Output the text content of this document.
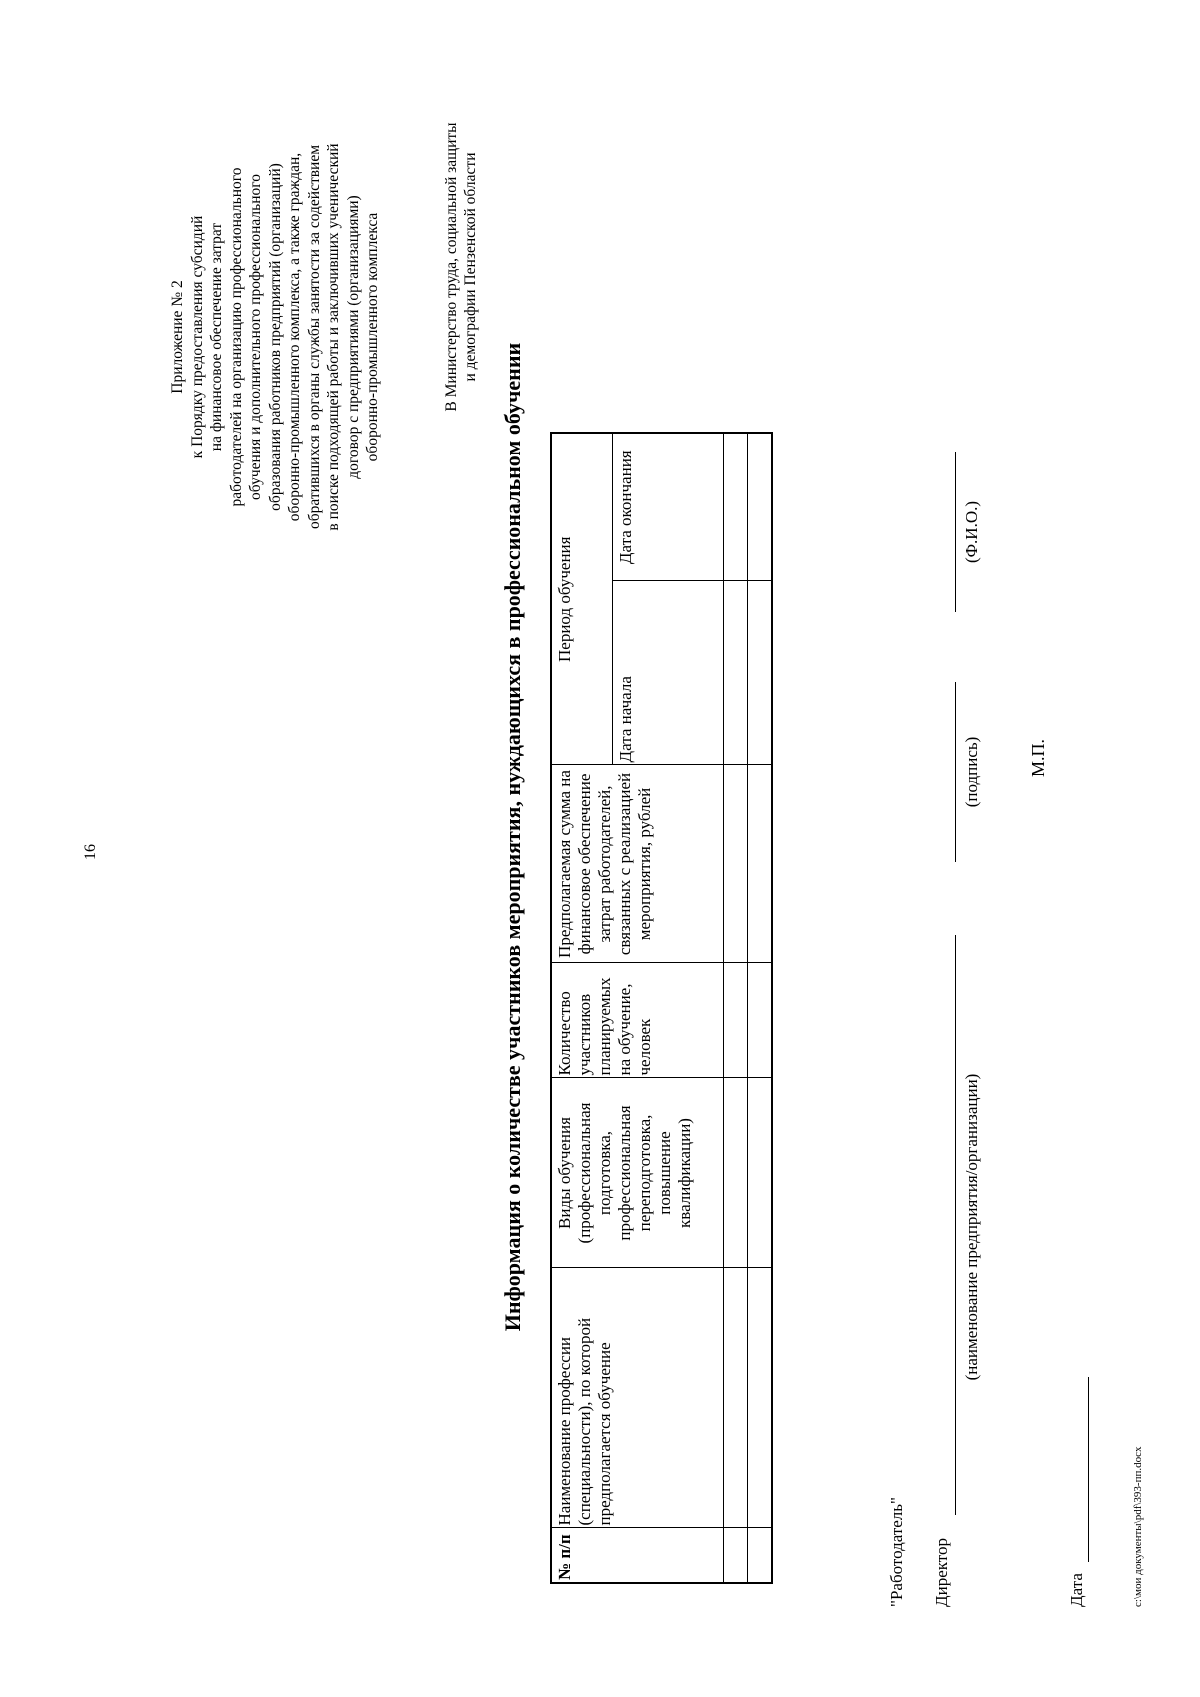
16
Приложение № 2 к Порядку предоставления субсидий на финансовое обеспечение затрат работодателей на организацию профессионального обучения и дополнительного профессионального образования работников предприятий (организаций) оборонно-промышленного комплекса, а также граждан, обратившихся в органы службы занятости за содействием в поиске подходящей работы и заключивших ученический договор с предприятиями (организациями) оборонно-промышленного комплекса	В Министерство труда, социальной защиты и демографии Пензенской области
Информация о количестве участников мероприятия, нуждающихся в профессиональном обучении
№ п/п	Наименование профессии (специальности), по которой предполагается обучение	Виды обучения (профессиональная подготовка, профессиональная переподготовка, повышение квалификации)	Количество участников планируемых на обучение, человек	Предполагаемая сумма на финансовое обеспечение затрат работодателей, связанных с реализацией мероприятия, рублей	Период обучения	
					Дата начала	Дата окончания

"Работодатель" Директор
(наименование предприятия/организации)
(подпись)
(Ф.И.О.)
М.П.
Дата	c:\мои документы\pdf\393-пп.docx
